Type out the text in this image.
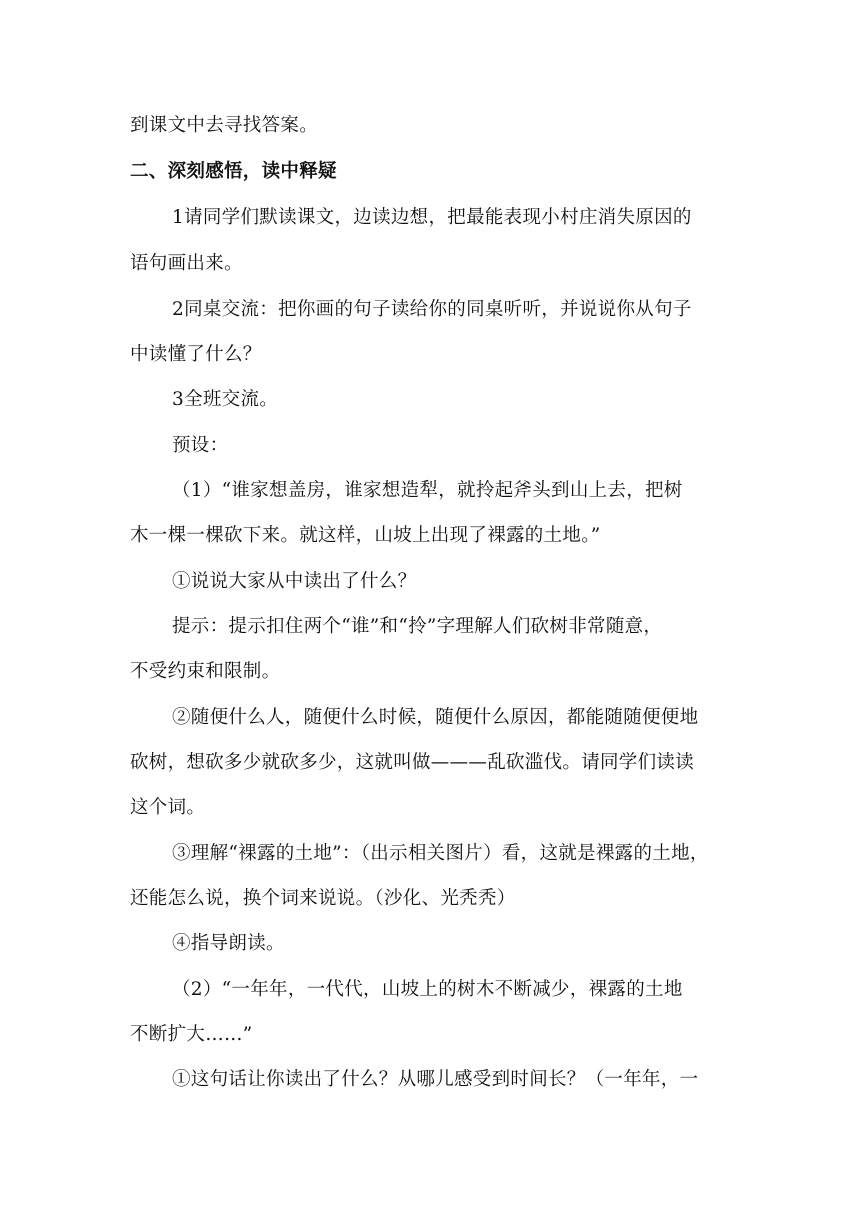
到课文中去寻找答案。
二、深刻感悟，读中释疑
1请同学们默读课文，边读边想，把最能表现小村庄消失原因的
语句画出来。
2同桌交流：把你画的句子读给你的同桌听听，并说说你从句子
中读懂了什么？
3全班交流。
预设：
（1）“谁家想盖房，谁家想造犁，就拎起斧头到山上去，把树
木一棵一棵砍下来。就这样，山坡上出现了裸露的土地。”
①说说大家从中读出了什么？
提示：提示扣住两个“谁”和“拎”字理解人们砍树非常随意，
不受约束和限制。
②随便什么人，随便什么时候，随便什么原因，都能随随便便地
砍树，想砍多少就砍多少，这就叫做———乱砍滥伐。请同学们读读
这个词。
③理解“裸露的土地”：（出示相关图片）看，这就是裸露的土地，
还能怎么说，换个词来说说。（沙化、光秃秃）
④指导朗读。
（2）“一年年，一代代，山坡上的树木不断减少，裸露的土地
不断扩大……”
①这句话让你读出了什么？从哪儿感受到时间长？（一年年，一
